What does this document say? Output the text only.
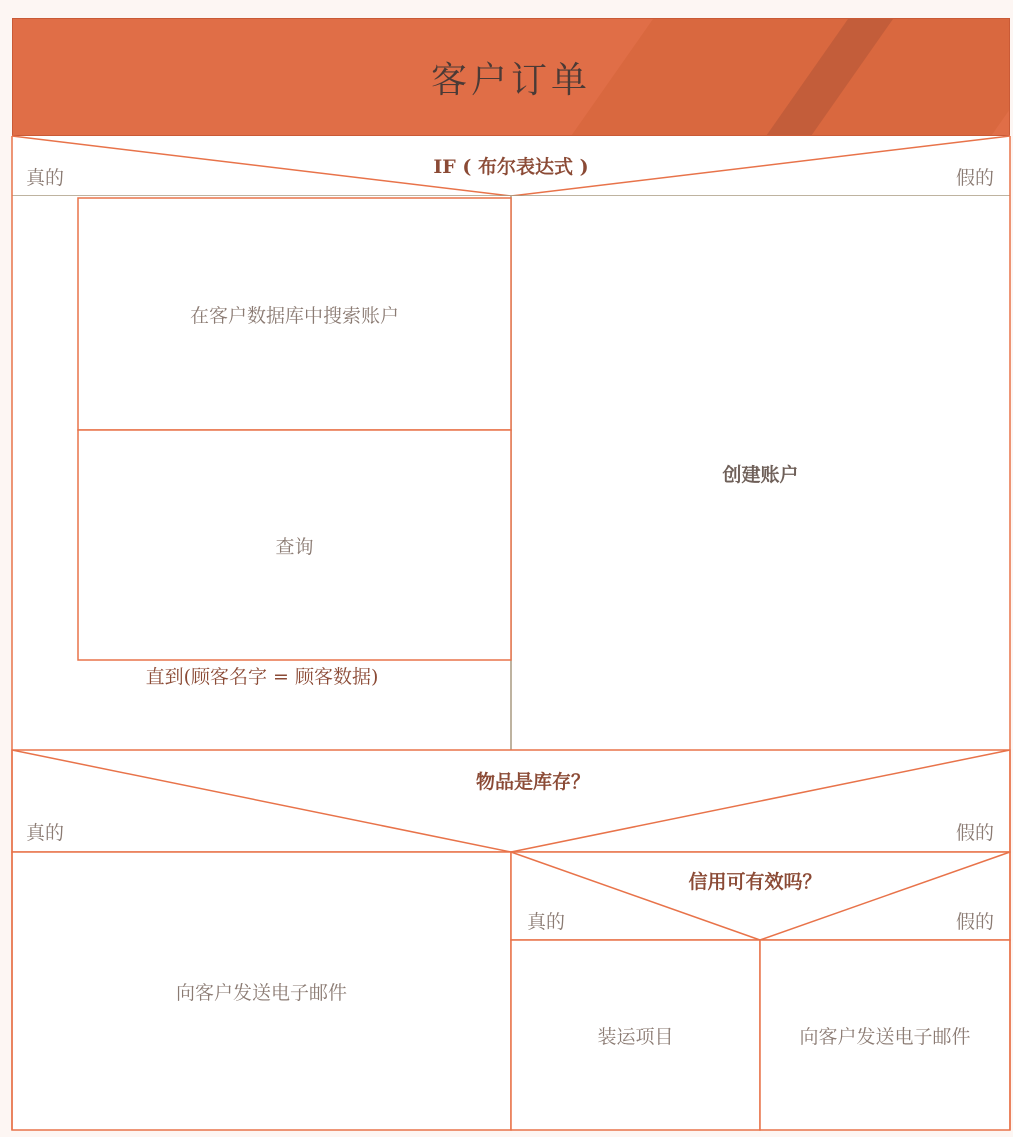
客户订单
IF ( 布尔表达式 )
真的	假的
在客户数据库中搜索账户
查询
直到(顾客名字 = 顾客数据)
创建账户
物品是库存？
真的	假的
向客户发送电子邮件
信用可有效吗？
真的	假的
装运项目	向客户发送电子邮件
